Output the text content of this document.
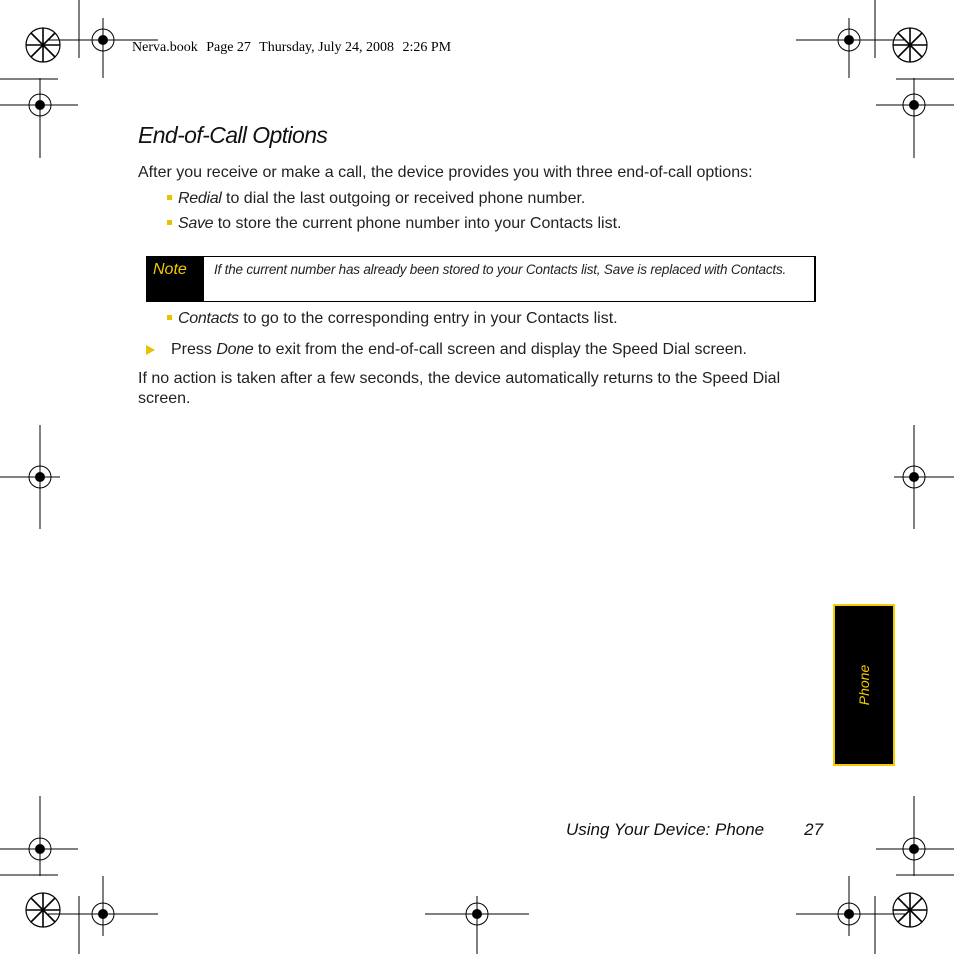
Nerva.book Page 27 Thursday, July 24, 2008 2:26 PM
End-of-Call Options

After you receive or make a call, the device provides you with three end-of-call options:

Redial to dial the last outgoing or received phone number.
Save to store the current phone number into your Contacts list.
Note	If the current number has already been stored to your Contacts list, Save is replaced with Contacts.
Contacts to go to the corresponding entry in your Contacts list.
Press Done to exit from the end-of-call screen and display the Speed Dial screen.

If no action is taken after a few seconds, the device automatically returns to the Speed Dial screen.

Phone
Using Your Device: Phone 27
